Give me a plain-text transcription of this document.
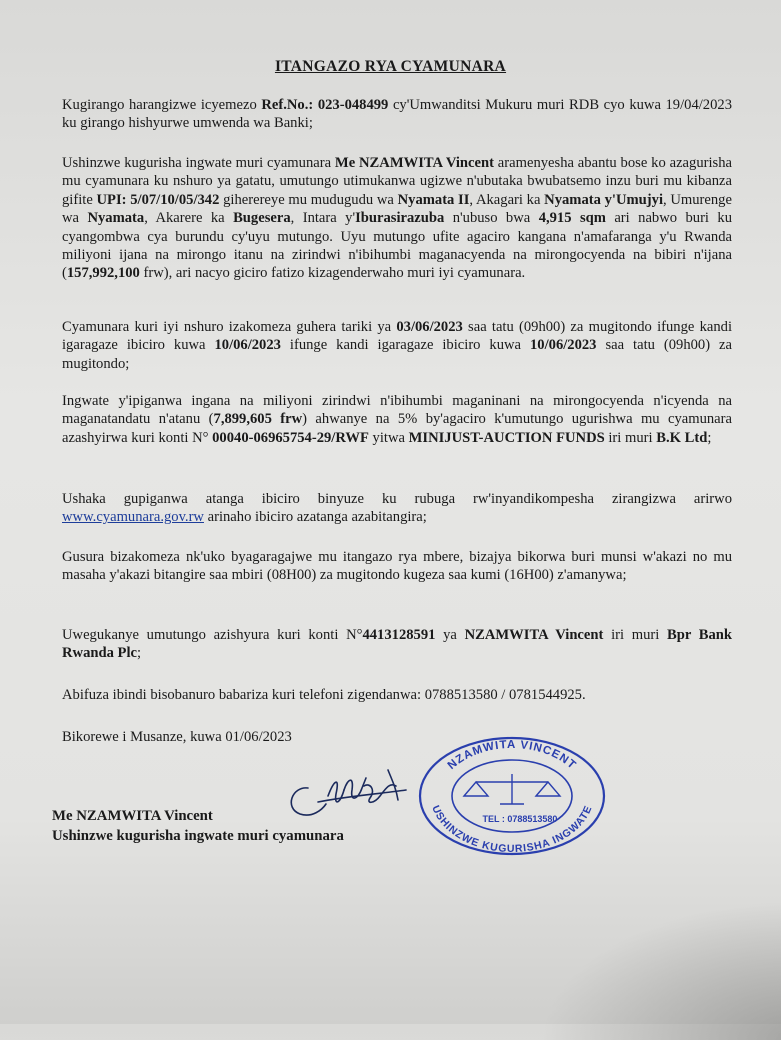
ITANGAZO RYA CYAMUNARA
Kugirango harangizwe icyemezo Ref.No.: 023-048499 cy'Umwanditsi Mukuru muri RDB cyo kuwa 19/04/2023 ku girango hishyurwe umwenda wa Banki;
Ushinzwe kugurisha ingwate muri cyamunara Me NZAMWITA Vincent aramenyesha abantu bose ko azagurisha mu cyamunara ku nshuro ya gatatu, umutungo utimukanwa ugizwe n'ubutaka bwubatsemo inzu buri mu kibanza gifite UPI: 5/07/10/05/342 giherereye mu mudugudu wa Nyamata II, Akagari ka Nyamata y'Umujyi, Umurenge wa Nyamata, Akarere ka Bugesera, Intara y'Iburasirazuba n'ubuso bwa 4,915 sqm ari nabwo buri ku cyangombwa cya burundu cy'uyu mutungo. Uyu mutungo ufite agaciro kangana n'amafaranga y'u Rwanda miliyoni ijana na mirongo itanu na zirindwi n'ibihumbi maganacyenda na mirongocyenda na bibiri n'ijana (157,992,100 frw), ari nacyo giciro fatizo kizagenderwaho muri iyi cyamunara.
Cyamunara kuri iyi nshuro izakomeza guhera tariki ya 03/06/2023 saa tatu (09h00) za mugitondo ifunge kandi igaragaze ibiciro kuwa 10/06/2023 ifunge kandi igaragaze ibiciro kuwa 10/06/2023 saa tatu (09h00) za mugitondo;
Ingwate y'ipiganwa ingana na miliyoni zirindwi n'ibihumbi maganinani na mirongocyenda n'icyenda na maganatandatu n'atanu (7,899,605 frw) ahwanye na 5% by'agaciro k'umutungo ugurishwa mu cyamunara azashyirwa kuri konti N° 00040-06965754-29/RWF yitwa MINIJUST-AUCTION FUNDS iri muri B.K Ltd;
Ushaka gupiganwa atanga ibiciro binyuze ku rubuga rw'inyandikompesha zirangizwa arirwo www.cyamunara.gov.rw arinaho ibiciro azatanga azabitangira;
Gusura bizakomeza nk'uko byagaragajwe mu itangazo rya mbere, bizajya bikorwa buri munsi w'akazi no mu masaha y'akazi bitangire saa mbiri (08H00) za mugitondo kugeza saa kumi (16H00) z'amanywa;
Uwegukanye umutungo azishyura kuri konti N°4413128591 ya NZAMWITA Vincent iri muri Bpr Bank Rwanda Plc;
Abifuza ibindi bisobanuro babariza kuri telefoni zigendanwa: 0788513580 / 0781544925.
Bikorewe i Musanze, kuwa 01/06/2023
NZAMWITA VINCENT
USHINZWE KUGURISHA INGWATE
TEL : 0788513580
Me NZAMWITA Vincent
Ushinzwe kugurisha ingwate muri cyamunara
